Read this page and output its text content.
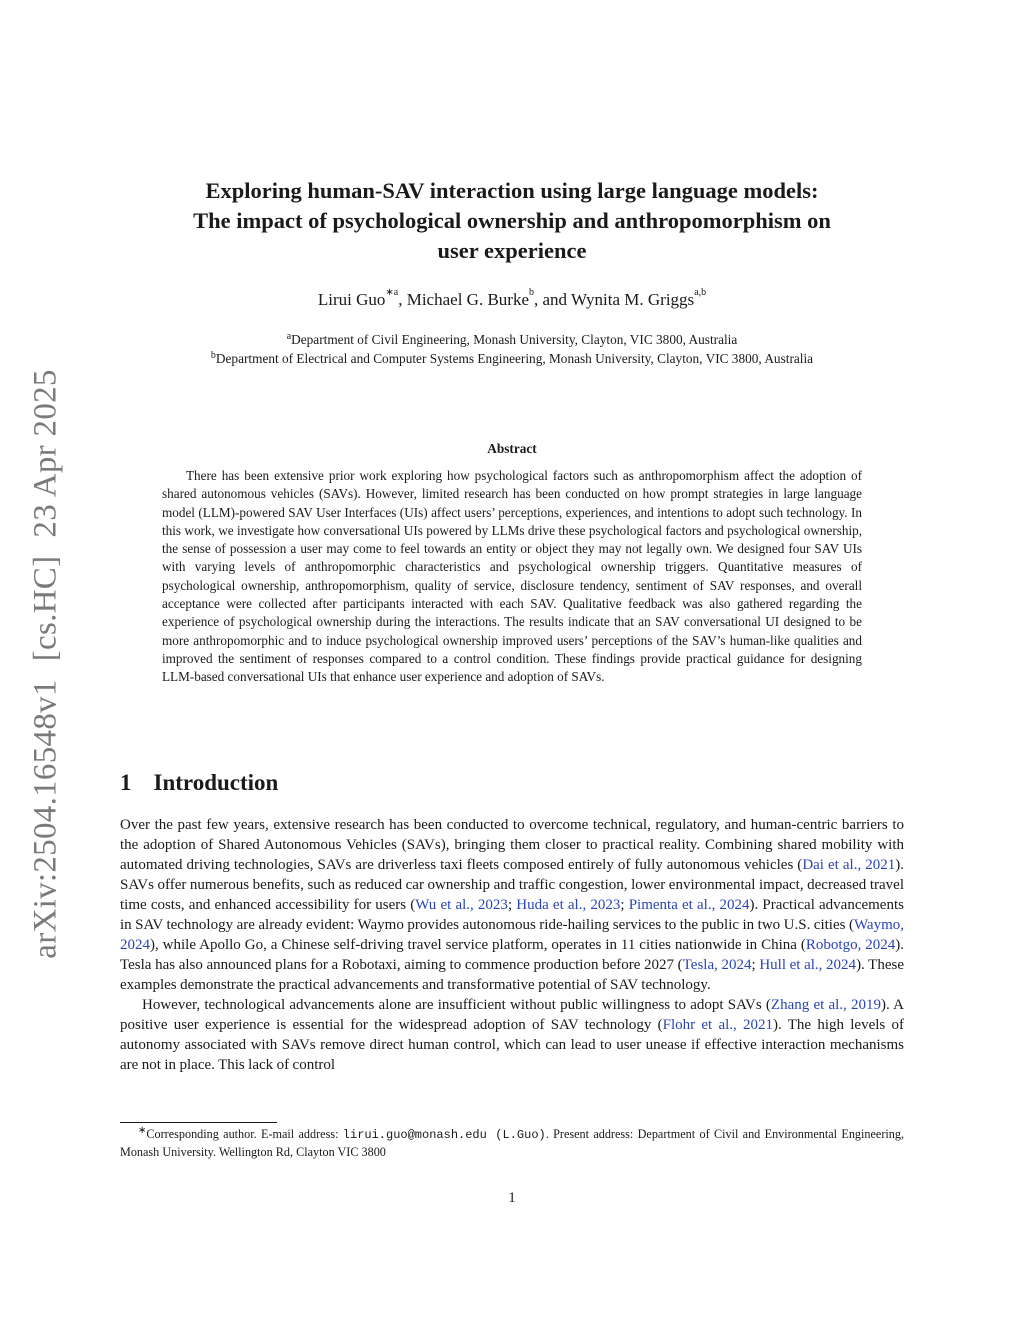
arXiv:2504.16548v1[cs.HC]23 Apr 2025
Exploring human-SAV interaction using large language models:
The impact of psychological ownership and anthropomorphism on
user experience
Lirui Guo$^{∗a}$, Michael G. Burke$^b$, and Wynita M. Griggs$^{a,b}$
$^a$Department of Civil Engineering, Monash University, Clayton, VIC 3800, Australia
$^b$Department of Electrical and Computer Systems Engineering, Monash University, Clayton, VIC 3800, Australia
Abstract

There has been extensive prior work exploring how psychological factors such as anthropomorphism affect the adoption of shared autonomous vehicles (SAVs). However, limited research has been conducted on how prompt strategies in large language model (LLM)-powered SAV User Interfaces (UIs) affect users’ perceptions, experiences, and intentions to adopt such technology. In this work, we investigate how conversational UIs powered by LLMs drive these psychological factors and psychological ownership, the sense of possession a user may come to feel towards an entity or object they may not legally own. We designed four SAV UIs with varying levels of anthropomorphic characteristics and psychological ownership triggers. Quantitative measures of psychological ownership, anthropomorphism, quality of service, disclosure tendency, sentiment of SAV responses, and overall acceptance were collected after participants interacted with each SAV. Qualitative feedback was also gathered regarding the experience of psychological ownership during the interactions. The results indicate that an SAV conversational UI designed to be more anthropomorphic and to induce psychological ownership improved users’ perceptions of the SAV’s human-like qualities and improved the sentiment of responses compared to a control condition. These findings provide practical guidance for designing LLM-based conversational UIs that enhance user experience and adoption of SAVs.

1 Introduction

Over the past few years, extensive research has been conducted to overcome technical, regulatory, and human-centric barriers to the adoption of Shared Autonomous Vehicles (SAVs), bringing them closer to practical reality. Combining shared mobility with automated driving technologies, SAVs are driverless taxi fleets composed entirely of fully autonomous vehicles (Dai et al., 2021). SAVs offer numerous benefits, such as reduced car ownership and traffic congestion, lower environmental impact, decreased travel time costs, and enhanced accessibility for users (Wu et al., 2023; Huda et al., 2023; Pimenta et al., 2024). Practical advancements in SAV technology are already evident: Waymo provides autonomous ride-hailing services to the public in two U.S. cities (Waymo, 2024), while Apollo Go, a Chinese self-driving travel service platform, operates in 11 cities nationwide in China (Robotgo, 2024). Tesla has also announced plans for a Robotaxi, aiming to commence production before 2027 (Tesla, 2024; Hull et al., 2024). These examples demonstrate the practical advancements and transformative potential of SAV technology.

However, technological advancements alone are insufficient without public willingness to adopt SAVs (Zhang et al., 2019). A positive user experience is essential for the widespread adoption of SAV technology (Flohr et al., 2021). The high levels of autonomy associated with SAVs remove direct human control, which can lead to user unease if effective interaction mechanisms are not in place. This lack of control

∗Corresponding author. E-mail address: lirui.guo@monash.edu (L.Guo). Present address: Department of Civil and Environmental Engineering, Monash University. Wellington Rd, Clayton VIC 3800

1
